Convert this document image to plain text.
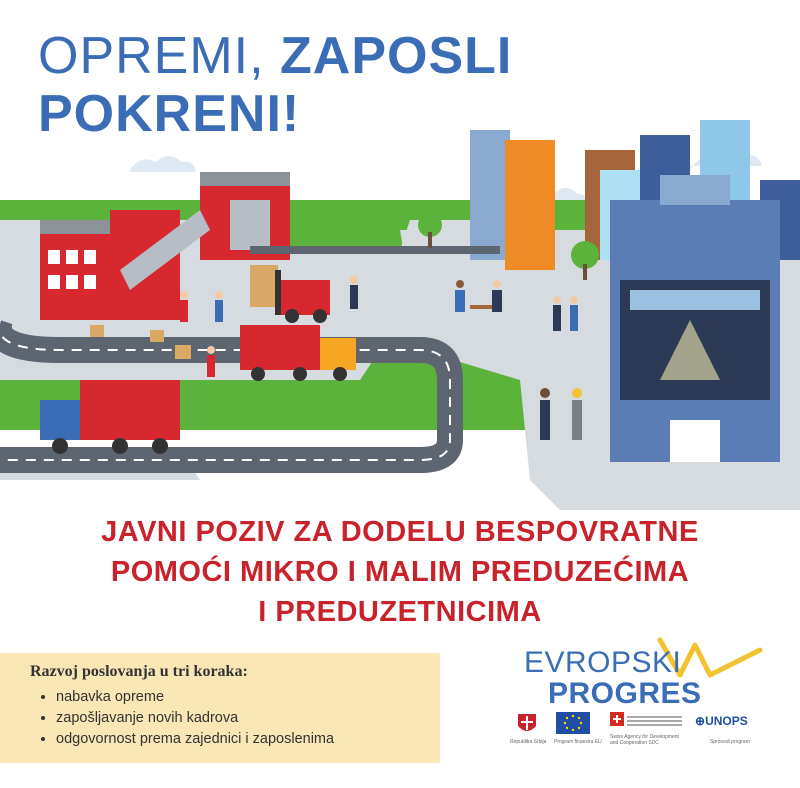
OPREMI, ZAPOSLI
POKRENI!
JAVNI POZIV ZA DODELU BESPOVRATNE
POMOĆI MIKRO I MALIM PREDUZEĆIMA
I PREDUZETNICIMA
Razvoj poslovanja u tri koraka:
• nabavka opreme
• zapošljavanje novih kadrova
• odgovornost prema zajednici i zaposlenima
EVROPSKI
PROGRES
Republika Srbija Program finansira EU
Swiss Agency for Development and Cooperation SDC
⊕UNOPS
Sprovodi program
